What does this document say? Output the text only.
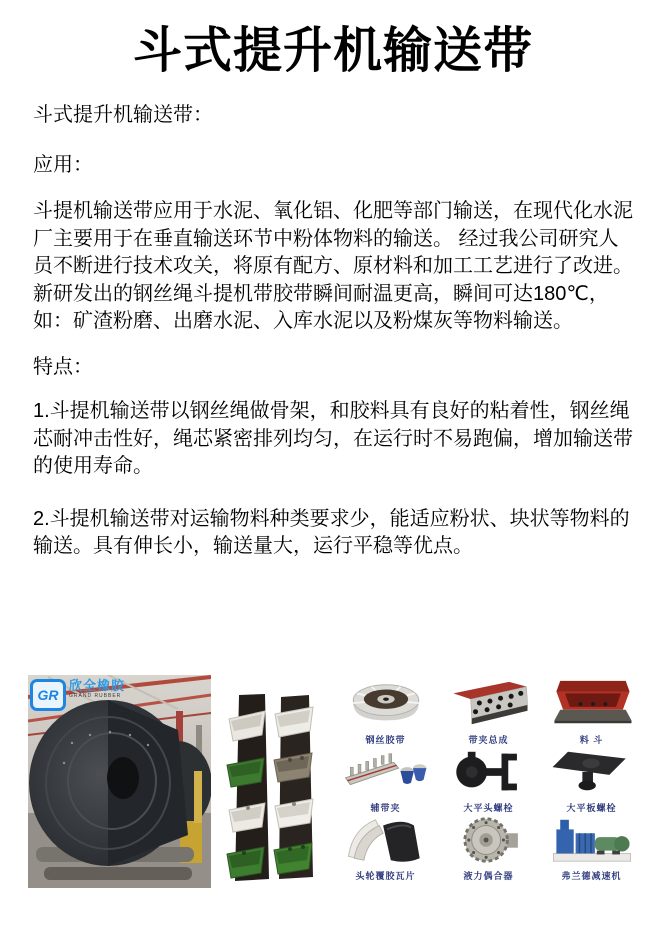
斗式提升机输送带

斗式提升机输送带：

应用：

斗提机输送带应用于水泥、氧化铝、化肥等部门输送，在现代化水泥厂主要用于在垂直输送环节中粉体物料的输送。 经过我公司研究人员不断进行技术攻关，将原有配方、原材料和加工工艺进行了改进。新研发出的钢丝绳斗提机带胶带瞬间耐温更高，瞬间可达180℃，如：矿渣粉磨、出磨水泥、入库水泥以及粉煤灰等物料输送。

特点：

1.斗提机输送带以钢丝绳做骨架，和胶料具有良好的粘着性，钢丝绳芯耐冲击性好，绳芯紧密排列均匀，在运行时不易跑偏，增加输送带的使用寿命。

2.斗提机输送带对运输物料种类要求少，能适应粉状、块状等物料的输送。具有伸长小，输送量大，运行平稳等优点。

GR
欣全橡胶
GRAND RUBBER
钢丝胶带	带夹总成	料 斗
辅带夹	大平头螺栓	大平板螺栓
头轮覆胶瓦片	液力偶合器	弗兰德减速机
